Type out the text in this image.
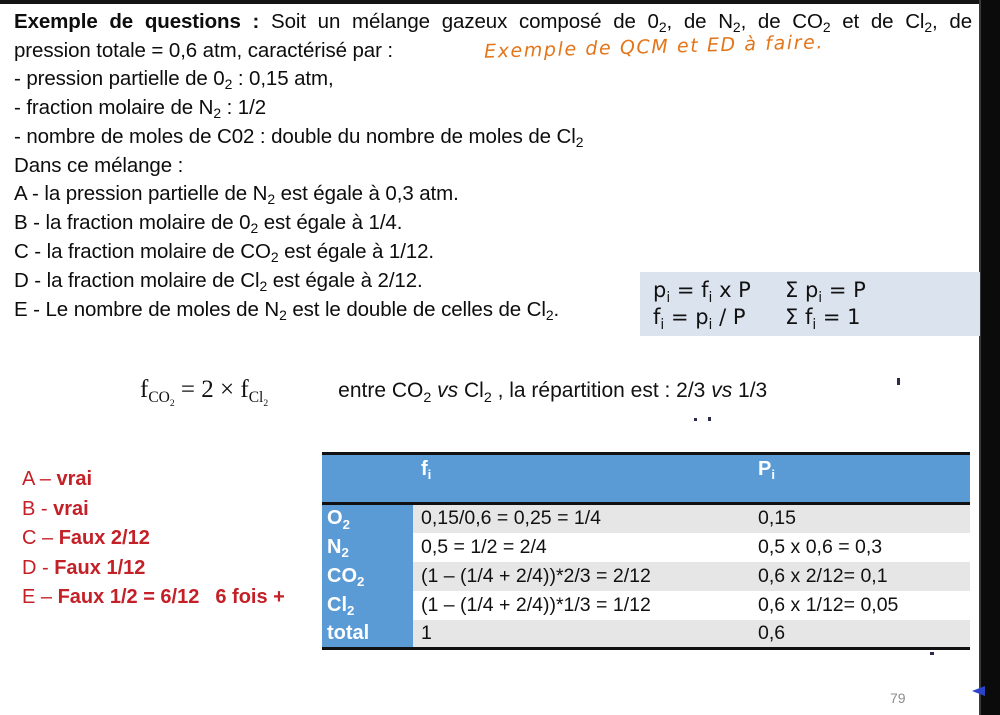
Exemple de questions : Soit un mélange gazeux composé de $0_2$, de $N_2$, de $CO_2$ et de $Cl_2$, de
pression totale = 0,6 atm, caractérisé par :
- pression partielle de $0_2$ : 0,15 atm,
- fraction molaire de $N_2$ : 1/2
- nombre de moles de C02 : double du nombre de moles de $Cl_2$
Dans ce mélange :
A - la pression partielle de $N_2$ est égale à 0,3 atm.
B - la fraction molaire de $0_2$ est égale à 1/4.
C - la fraction molaire de $CO_2$ est égale à 1/12.
D - la fraction molaire de $Cl_2$ est égale à 2/12.
E - Le nombre de moles de $N_2$ est le double de celles de $Cl_2$.
Exemple de QCM et ED à faire.
$p_i = f_i$ x P Σ $p_i = P$
$f_i = p_i / P$ Σ $f_i = 1$
$f_{CO_2} = 2 \times f_{Cl_2}$  entre $CO_2$ vs $Cl_2$ , la répartition est : 2/3 vs 1/3
A – vrai
B - vrai
C – Faux 2/12
D - Faux 1/12
E – Faux 1/2 = 6/12 6 fois +
	$f_i$	$P_i$
$O_2$	0,15/0,6 = 0,25 = 1/4	0,15
$N_2$	0,5 = 1/2 = 2/4	0,5 x 0,6 = 0,3
$CO_2$	(1 – (1/4 + 2/4))*2/3 = 2/12	0,6 x 2/12= 0,1
$Cl_2$	(1 – (1/4 + 2/4))*1/3 = 1/12	0,6 x 1/12= 0,05
total	1	0,6
79
